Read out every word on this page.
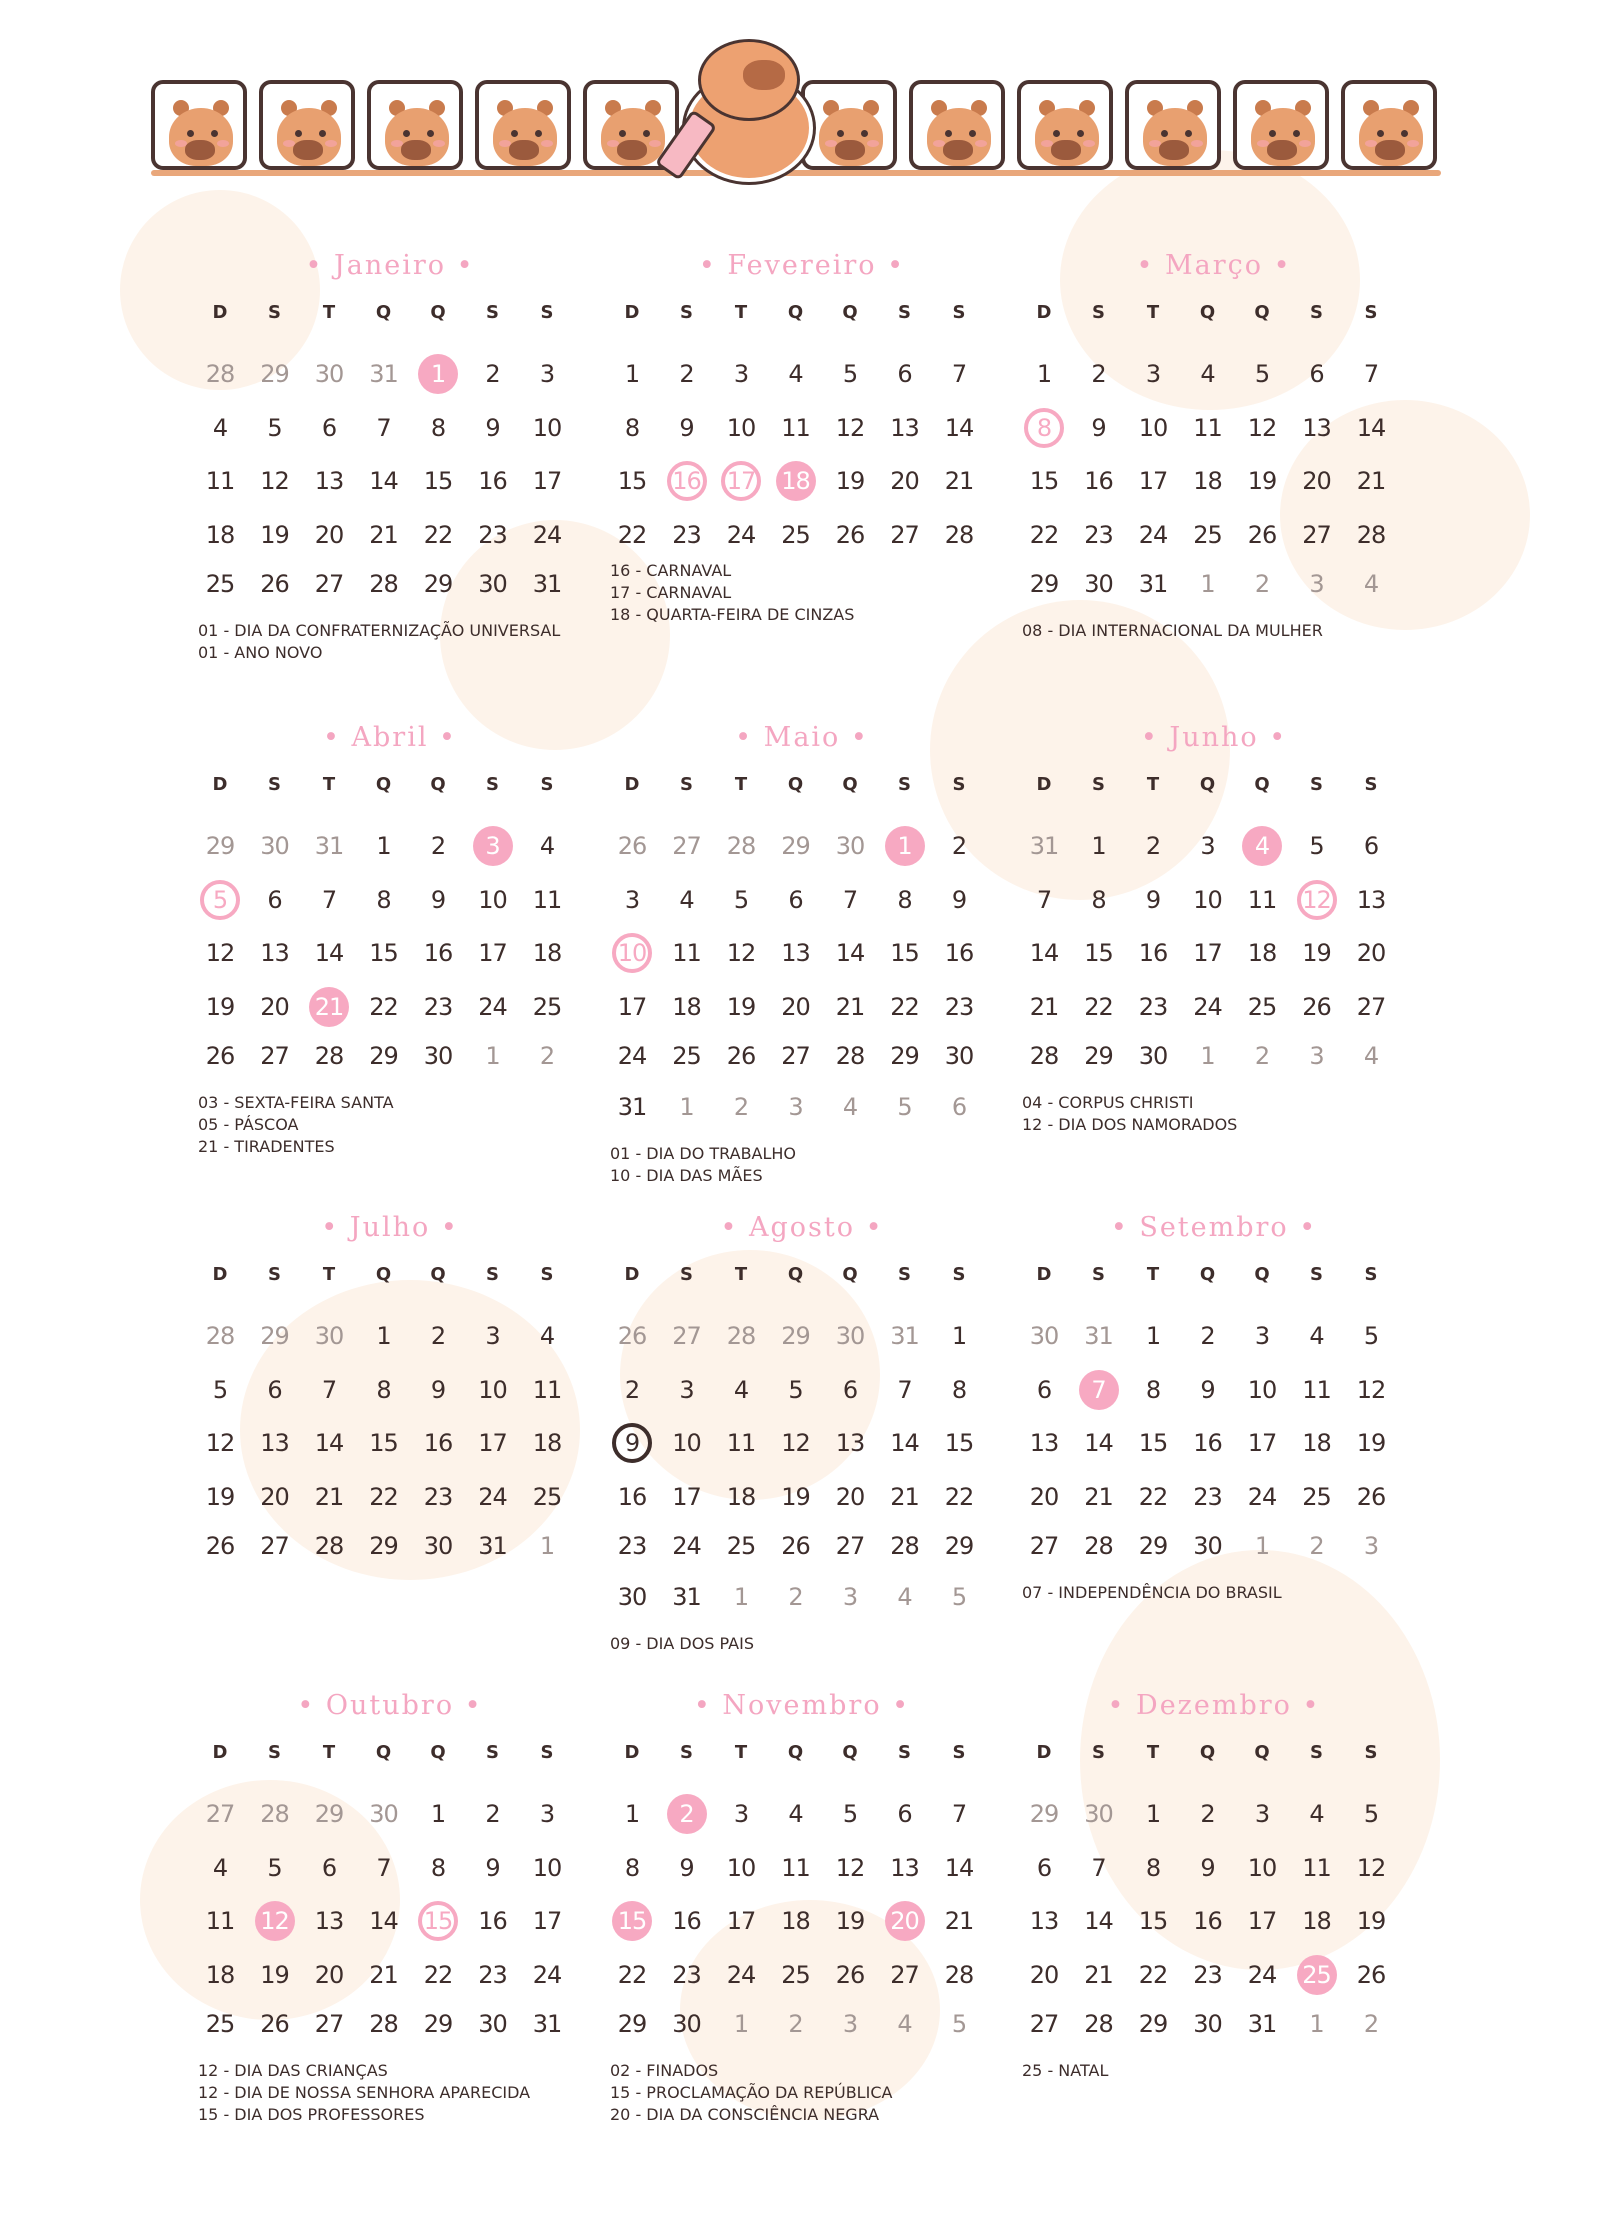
• Janeiro •
D	S	T	Q	Q	S	S
28 29 30 31	1	2	3
4	5	6	7	8	9	10
11 12 13 14 15 16 17
18 19 20 21 22 23 24
25 26 27 28 29 30 31
01 - DIA DA CONFRATERNIZAÇÃO UNIVERSAL
01 - ANO NOVO
• Fevereiro •
D	S	T	Q	Q	S	S
1	2	3	4	5	6	7
8	9	10 11 12 13 14
15 16 17 18 19 20 21
22 23 24 25 26 27 28
16 - CARNAVAL
17 - CARNAVAL
18 - QUARTA-FEIRA DE CINZAS
• Março •
D	S	T	Q	Q	S	S
1	2	3	4	5	6	7
8	9	10 11 12 13 14
15 16 17 18 19 20 21
22 23 24 25 26 27 28
29 30 31	1	2	3	4
08 - DIA INTERNACIONAL DA MULHER
• Abril •
D	S	T	Q	Q	S	S
29 30 31	1	2	3	4
5	6	7	8	9	10 11
12 13 14 15 16 17 18
19 20 21 22 23 24 25
26 27 28 29 30	1	2
03 - SEXTA-FEIRA SANTA
05 - PÁSCOA
21 - TIRADENTES
• Maio •
D	S	T	Q	Q	S	S
26 27 28 29 30	1	2
3	4	5	6	7	8	9
10 11 12 13 14 15 16
17 18 19 20 21 22 23
24 25 26 27 28 29 30
31	1	2	3	4	5	6
01 - DIA DO TRABALHO
10 - DIA DAS MÃES
• Junho •
D	S	T	Q	Q	S	S
31	1	2	3	4	5	6
7	8	9	10 11 12 13
14 15 16 17 18 19 20
21 22 23 24 25 26 27
28 29 30	1	2	3	4
04 - CORPUS CHRISTI
12 - DIA DOS NAMORADOS
• Julho •
D	S	T	Q	Q	S	S
28 29 30	1	2	3	4
5	6	7	8	9	10 11
12 13 14 15 16 17 18
19 20 21 22 23 24 25
26 27 28 29 30 31	1
• Agosto •
D	S	T	Q	Q	S	S
26 27 28 29 30 31	1
2	3	4	5	6	7	8
9	10 11 12 13 14 15
16 17 18 19 20 21 22
23 24 25 26 27 28 29
30 31	1	2	3	4	5
09 - DIA DOS PAIS
• Setembro •
D	S	T	Q	Q	S	S
30 31	1	2	3	4	5
6	7	8	9	10 11 12
13 14 15 16 17 18 19
20 21 22 23 24 25 26
27 28 29 30	1	2	3
07 - INDEPENDÊNCIA DO BRASIL
• Outubro •
D	S	T	Q	Q	S	S
27 28 29 30	1	2	3
4	5	6	7	8	9	10
11 12 13 14 15 16 17
18 19 20 21 22 23 24
25 26 27 28 29 30 31
12 - DIA DAS CRIANÇAS
12 - DIA DE NOSSA SENHORA APARECIDA
15 - DIA DOS PROFESSORES
• Novembro •
D	S	T	Q	Q	S	S
1	2	3	4	5	6	7
8	9	10 11 12 13 14
15 16 17 18 19 20 21
22 23 24 25 26 27 28
29 30	1	2	3	4	5
02 - FINADOS
15 - PROCLAMAÇÃO DA REPÚBLICA
20 - DIA DA CONSCIÊNCIA NEGRA
• Dezembro •
D	S	T	Q	Q	S	S
29 30	1	2	3	4	5
6	7	8	9	10 11 12
13 14 15 16 17 18 19
20 21 22 23 24 25 26
27 28 29 30 31	1	2
25 - NATAL
